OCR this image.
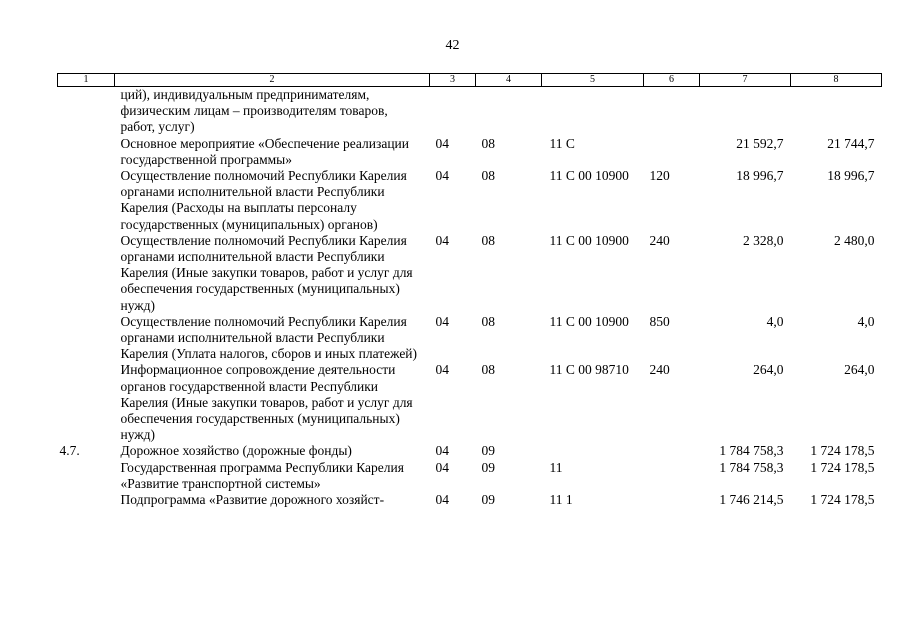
42
1	2	3	4	5	6	7	8
	ций), индивидуальным предпринимателям, физическим лицам – производителям товаров, работ, услуг)						
	Основное мероприятие «Обеспечение реализации государственной программы»	04	08	11 С		21 592,7	21 744,7
	Осуществление полномочий Республики Карелия органами исполнительной власти Республики Карелия (Расходы на выплаты персоналу государственных (муниципальных) органов)	04	08	11 С 00 10900	120	18 996,7	18 996,7
	Осуществление полномочий Республики Карелия органами исполнительной власти Республики Карелия (Иные закупки товаров, работ и услуг для обеспечения государственных (муниципальных) нужд)	04	08	11 С 00 10900	240	2 328,0	2 480,0
	Осуществление полномочий Республики Карелия органами исполнительной власти Республики Карелия (Уплата налогов, сборов и иных платежей)	04	08	11 С 00 10900	850	4,0	4,0
	Информационное сопровождение деятельности органов государственной власти Республики Карелия (Иные закупки товаров, работ и услуг для обеспечения государственных (муниципальных) нужд)	04	08	11 С 00 98710	240	264,0	264,0
4.7.	Дорожное хозяйство (дорожные фонды)	04	09			1 784 758,3	1 724 178,5
	Государственная программа Республики Карелия «Развитие транспортной системы»	04	09	11		1 784 758,3	1 724 178,5
	Подпрограмма «Развитие дорожного хозяйст-	04	09	11 1		1 746 214,5	1 724 178,5
